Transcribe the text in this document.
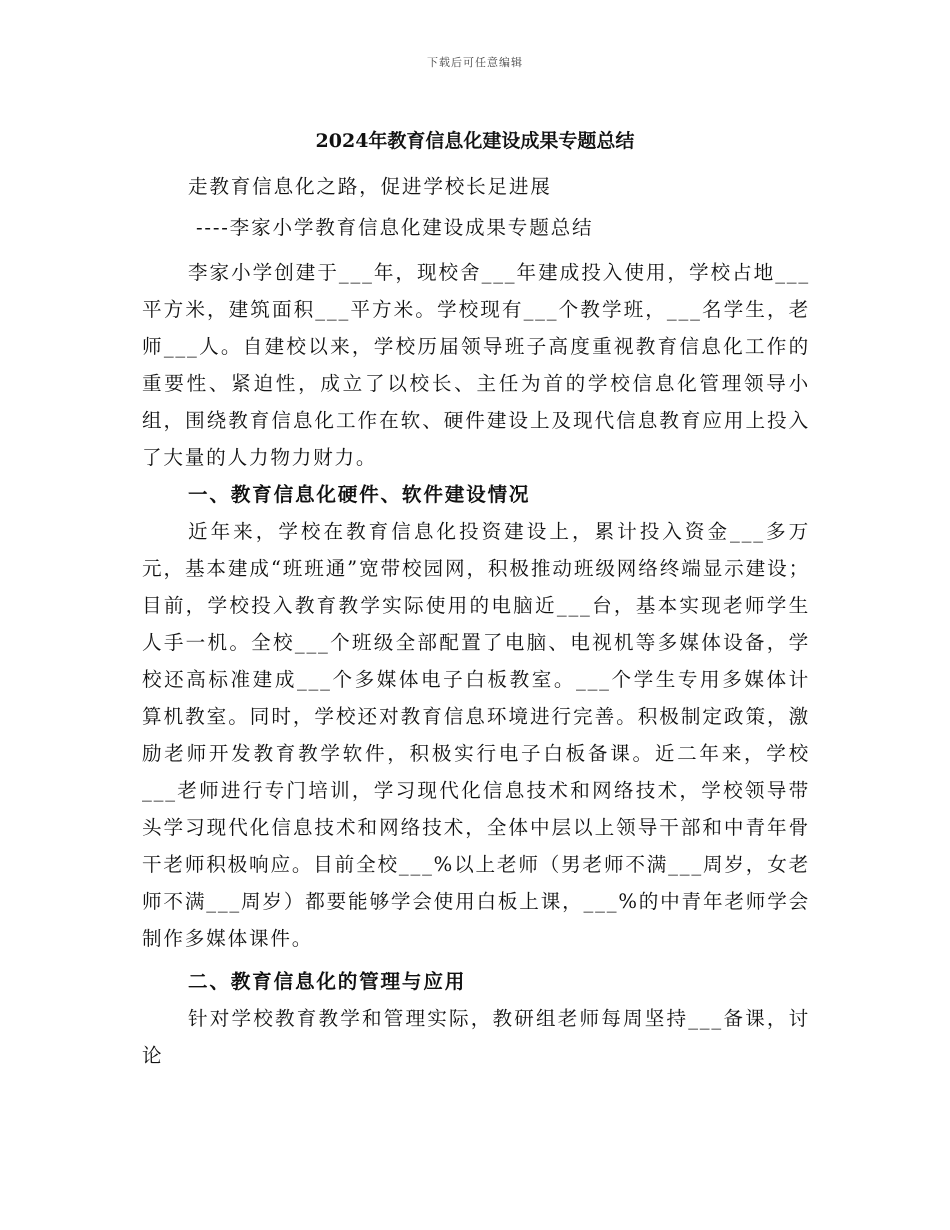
下载后可任意编辑
2024年教育信息化建设成果专题总结

走教育信息化之路，促进学校长足进展

----李家小学教育信息化建设成果专题总结

李家小学创建于___年，现校舍___年建成投入使用，学校占地___平方米，建筑面积___平方米。学校现有___个教学班，___名学生，老师___人。自建校以来，学校历届领导班子高度重视教育信息化工作的重要性、紧迫性，成立了以校长、主任为首的学校信息化管理领导小组，围绕教育信息化工作在软、硬件建设上及现代信息教育应用上投入了大量的人力物力财力。

一、教育信息化硬件、软件建设情况

近年来，学校在教育信息化投资建设上，累计投入资金___多万元，基本建成“班班通”宽带校园网，积极推动班级网络终端显示建设；目前，学校投入教育教学实际使用的电脑近___台，基本实现老师学生人手一机。全校___个班级全部配置了电脑、电视机等多媒体设备，学校还高标准建成___个多媒体电子白板教室。___个学生专用多媒体计算机教室。同时，学校还对教育信息环境进行完善。积极制定政策，激励老师开发教育教学软件，积极实行电子白板备课。近二年来，学校___老师进行专门培训，学习现代化信息技术和网络技术，学校领导带头学习现代化信息技术和网络技术，全体中层以上领导干部和中青年骨干老师积极响应。目前全校___%以上老师（男老师不满___周岁，女老师不满___周岁）都要能够学会使用白板上课，___%的中青年老师学会制作多媒体课件。

二、教育信息化的管理与应用

针对学校教育教学和管理实际，教研组老师每周坚持___备课，讨论
